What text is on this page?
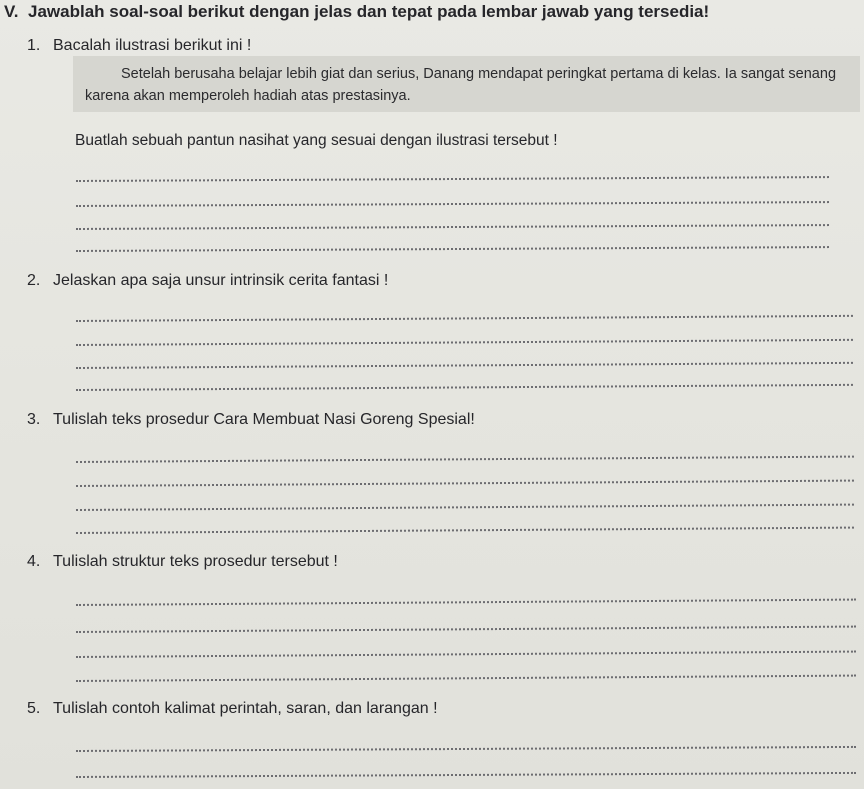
V. Jawablah soal-soal berikut dengan jelas dan tepat pada lembar jawab yang tersedia!
1. Bacalah ilustrasi berikut ini !
Setelah berusaha belajar lebih giat dan serius, Danang mendapat peringkat pertama di kelas. Ia sangat senang karena akan memperoleh hadiah atas prestasinya.
Buatlah sebuah pantun nasihat yang sesuai dengan ilustrasi tersebut !
2. Jelaskan apa saja unsur intrinsik cerita fantasi !
3. Tulislah teks prosedur Cara Membuat Nasi Goreng Spesial!
4. Tulislah struktur teks prosedur tersebut !
5. Tulislah contoh kalimat perintah, saran, dan larangan !
